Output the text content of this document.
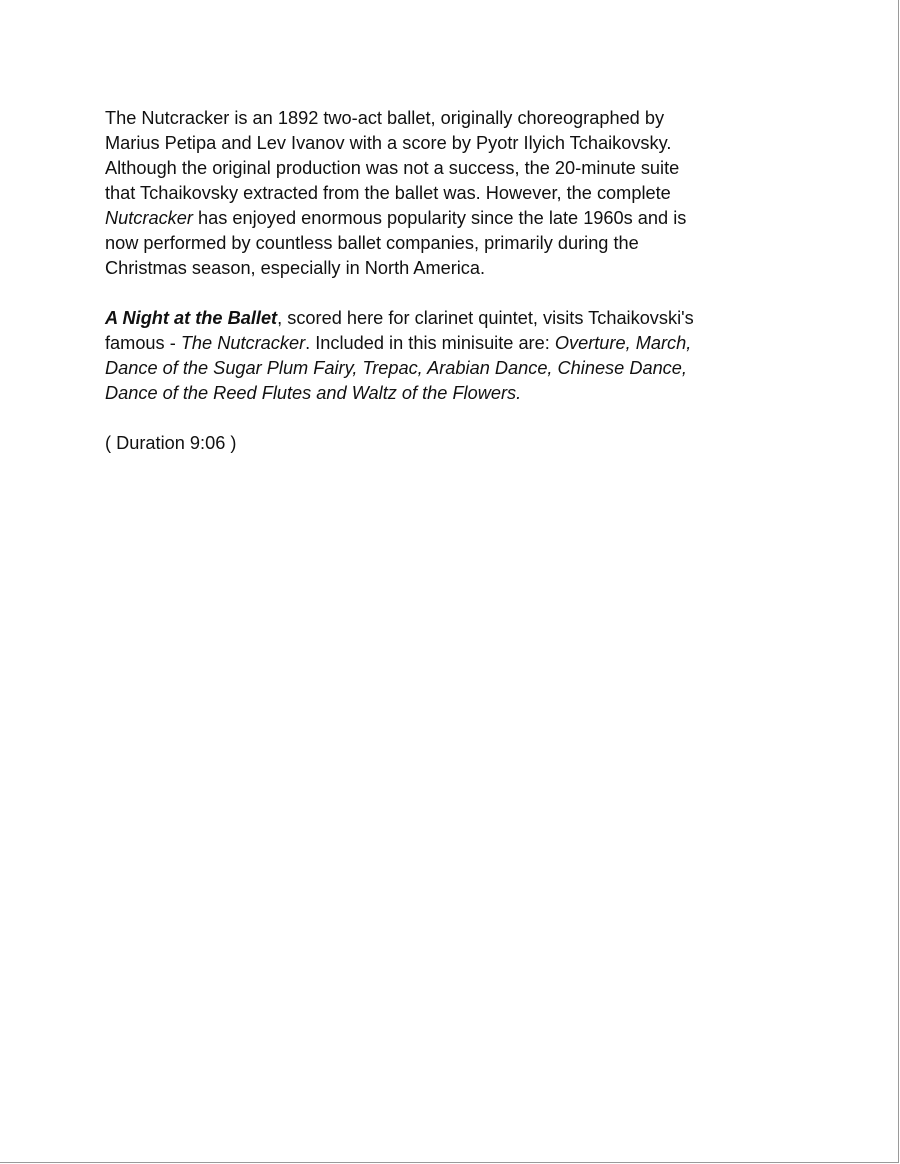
The Nutcracker is an 1892 two-act ballet, originally choreographed by
Marius Petipa and Lev Ivanov with a score by Pyotr Ilyich Tchaikovsky.
Although the original production was not a success, the 20-minute suite
that Tchaikovsky extracted from the ballet was. However, the complete
Nutcracker has enjoyed enormous popularity since the late 1960s and is
now performed by countless ballet companies, primarily during the
Christmas season, especially in North America.

A Night at the Ballet, scored here for clarinet quintet, visits Tchaikovski's
famous - The Nutcracker. Included in this minisuite are: Overture, March,
Dance of the Sugar Plum Fairy, Trepac, Arabian Dance, Chinese Dance,
Dance of the Reed Flutes and Waltz of the Flowers.

( Duration 9:06 )
